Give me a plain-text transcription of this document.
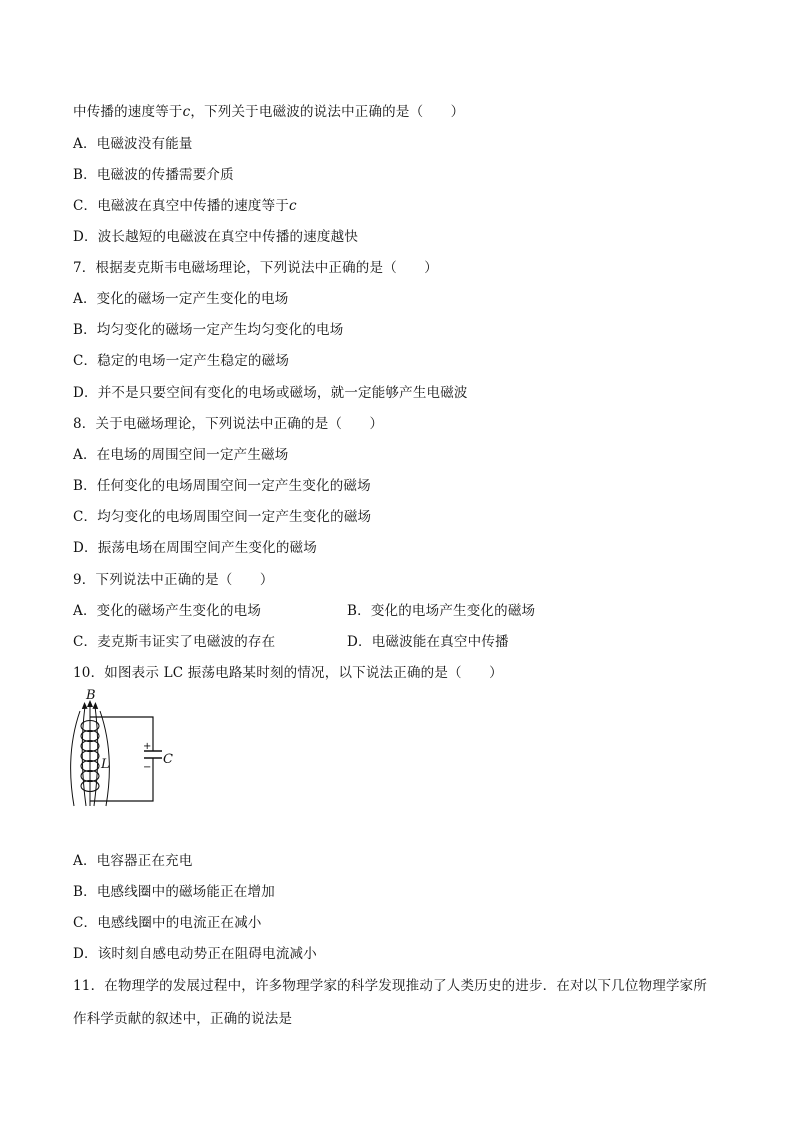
中传播的速度等于c，下列关于电磁波的说法中正确的是（　　）
A．电磁波没有能量
B．电磁波的传播需要介质
C．电磁波在真空中传播的速度等于c
D．波长越短的电磁波在真空中传播的速度越快
7．根据麦克斯韦电磁场理论，下列说法中正确的是（　　）
A．变化的磁场一定产生变化的电场
B．均匀变化的磁场一定产生均匀变化的电场
C．稳定的电场一定产生稳定的磁场
D．并不是只要空间有变化的电场或磁场，就一定能够产生电磁波
8．关于电磁场理论，下列说法中正确的是（　　）
A．在电场的周围空间一定产生磁场
B．任何变化的电场周围空间一定产生变化的磁场
C．均匀变化的电场周围空间一定产生变化的磁场
D．振荡电场在周围空间产生变化的磁场
9．下列说法中正确的是（　　）
A．变化的磁场产生变化的电场	B．变化的电场产生变化的磁场
C．麦克斯韦证实了电磁波的存在	D．电磁波能在真空中传播
10．如图表示 LC 振荡电路某时刻的情况，以下说法正确的是（　　）
B
L	C
+
−
A．电容器正在充电
B．电感线圈中的磁场能正在增加
C．电感线圈中的电流正在减小
D．该时刻自感电动势正在阻碍电流减小
11．在物理学的发展过程中，许多物理学家的科学发现推动了人类历史的进步．在对以下几位物理学家所
作科学贡献的叙述中，正确的说法是
